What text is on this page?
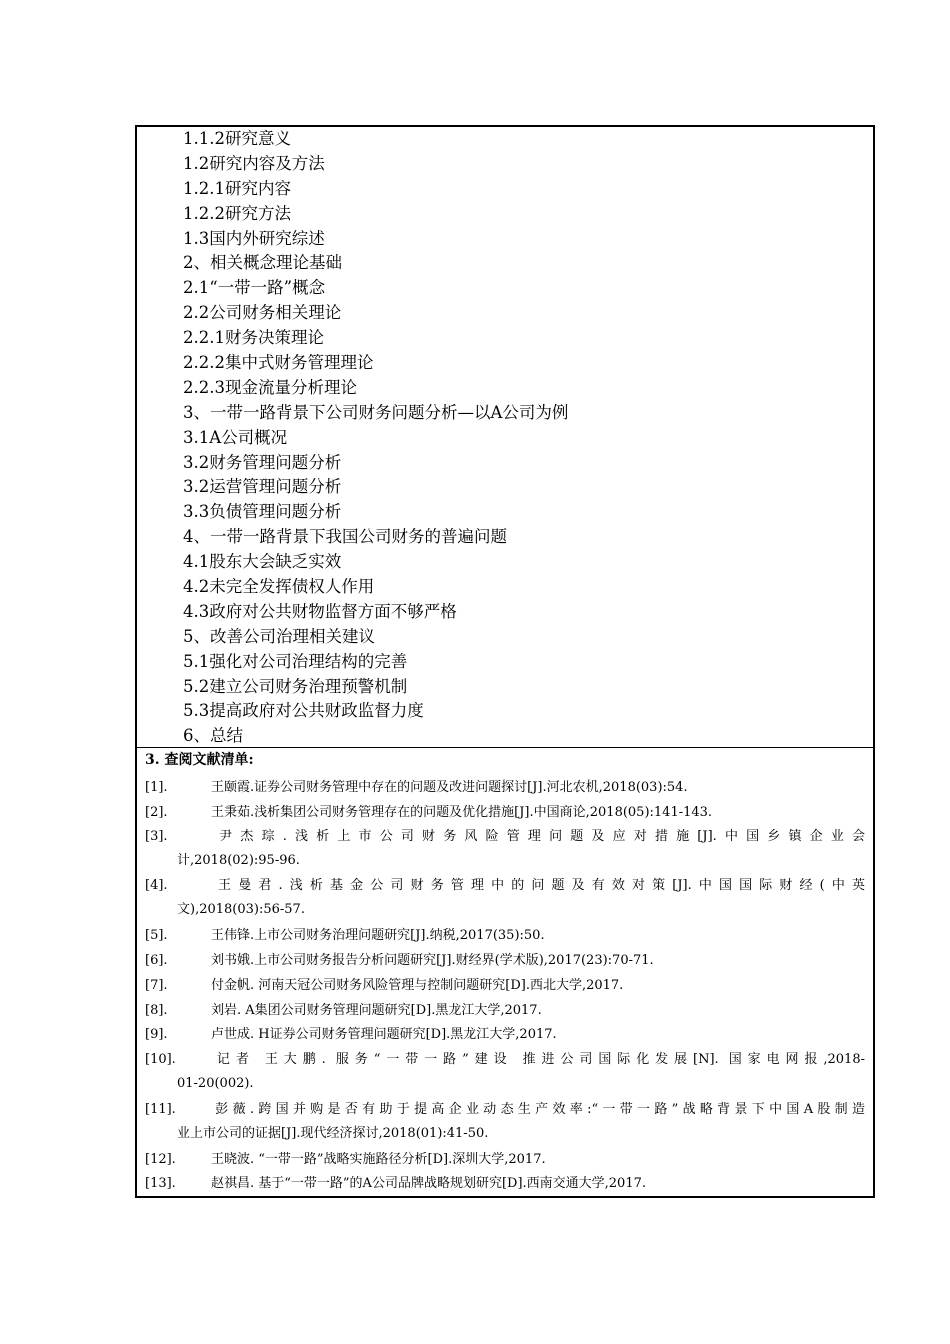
1.1.2研究意义
1.2研究内容及方法
1.2.1研究内容
1.2.2研究方法
1.3国内外研究综述
2、相关概念理论基础
2.1“一带一路”概念
2.2公司财务相关理论
2.2.1财务决策理论
2.2.2集中式财务管理理论
2.2.3现金流量分析理论
3、一带一路背景下公司财务问题分析—以A公司为例
3.1A公司概况
3.2财务管理问题分析
3.2运营管理问题分析
3.3负债管理问题分析
4、一带一路背景下我国公司财务的普遍问题
4.1股东大会缺乏实效
4.2未完全发挥债权人作用
4.3政府对公共财物监督方面不够严格
5、改善公司治理相关建议
5.1强化对公司治理结构的完善
5.2建立公司财务治理预警机制
5.3提高政府对公共财政监督力度
6、总结
3. 查阅文献清单:
[1].	王颐霞.证券公司财务管理中存在的问题及改进问题探讨[J].河北农机,2018(03):54.
[2].	王秉茹.浅析集团公司财务管理存在的问题及优化措施[J].中国商论,2018(05):141-143.
[3].	尹杰琮.浅析上市公司财务风险管理问题及应对措施[J].中国乡镇企业会
计,2018(02):95-96.
[4].	王曼君.浅析基金公司财务管理中的问题及有效对策[J].中国国际财经(中英
文),2018(03):56-57.
[5].	王伟锋.上市公司财务治理问题研究[J].纳税,2017(35):50.
[6].	刘书娥.上市公司财务报告分析问题研究[J].财经界(学术版),2017(23):70-71.
[7].	付金帆. 河南天冠公司财务风险管理与控制问题研究[D].西北大学,2017.
[8].	刘岩. A集团公司财务管理问题研究[D].黑龙江大学,2017.
[9].	卢世成. H证券公司财务管理问题研究[D].黑龙江大学,2017.
[10].	记者 王大鹏. 服务“一带一路”建设 推进公司国际化发展[N]. 国家电网报,2018-
01-20(002).
[11].	彭薇.跨国并购是否有助于提高企业动态生产效率:“一带一路”战略背景下中国A股制造
业上市公司的证据[J].现代经济探讨,2018(01):41-50.
[12].	王晓波. “一带一路”战略实施路径分析[D].深圳大学,2017.
[13].	赵祺昌. 基于“一带一路”的A公司品牌战略规划研究[D].西南交通大学,2017.
